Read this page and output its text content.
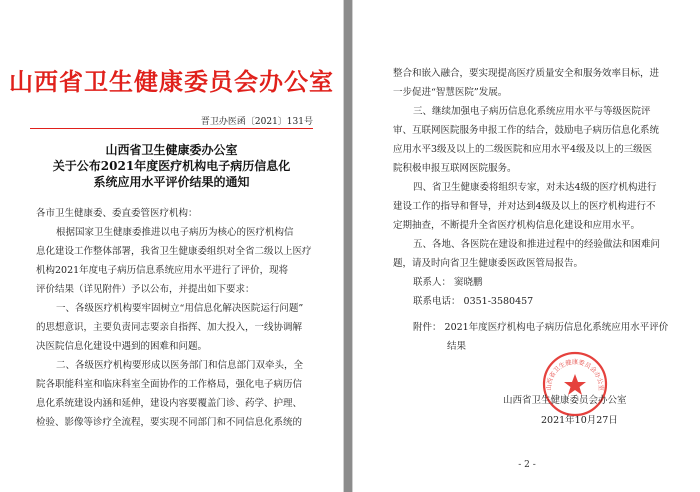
山西省卫生健康委员会办公室
晋卫办医函〔2021〕131号
山西省卫生健康委办公室
关于公布2021年度医疗机构电子病历信息化
系统应用水平评价结果的通知

各市卫生健康委、委直委管医疗机构：

根据国家卫生健康委推进以电子病历为核心的医疗机构信

息化建设工作整体部署，我省卫生健康委组织对全省二级以上医疗

机构2021年度电子病历信息系统应用水平进行了评价，现将

评价结果（详见附件）予以公布，并提出如下要求：

一、各级医疗机构要牢固树立“用信息化解决医院运行问题”

的思想意识，主要负责同志要亲自指挥、加大投入，一线协调解

决医院信息化建设中遇到的困难和问题。

二、各级医疗机构要形成以医务部门和信息部门双牵头，全

院各职能科室和临床科室全面协作的工作格局，强化电子病历信

息化系统建设内涵和延伸，建设内容要覆盖门诊、药学、护理、

检验、影像等诊疗全流程，要实现不同部门和不同信息化系统的

整合和嵌入融合，要实现提高医疗质量安全和服务效率目标，进

一步促进“智慧医院”发展。

三、继续加强电子病历信息化系统应用水平与等级医院评

审、互联网医院服务申报工作的结合，鼓励电子病历信息化系统

应用水平3级及以上的二级医院和应用水平4级及以上的三级医

院积极申报互联网医院服务。

四、省卫生健康委将组织专家，对未达4级的医疗机构进行

建设工作的指导和督导，并对达到4级及以上的医疗机构进行不

定期抽查，不断提升全省医疗机构信息化建设和应用水平。

五、各地、各医院在建设和推进过程中的经验做法和困难问

题，请及时向省卫生健康委医政医管局报告。

联系人： 窦晓鹏

联系电话： 0351-3580457

附件： 2021年度医疗机构电子病历信息化系统应用水平评价

结果

山西省卫生健康委员会办公室
山西省卫生健康委员会办公室
2021年10月27日
- 2 -
